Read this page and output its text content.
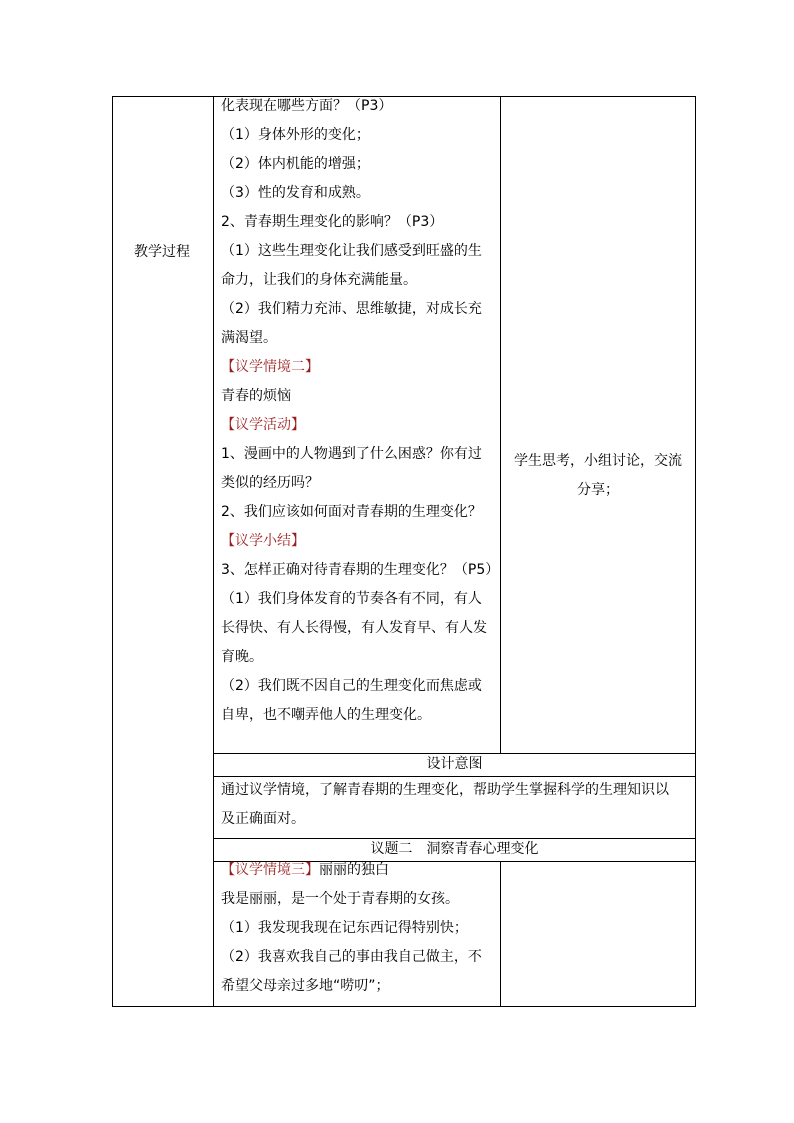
教学过程
化表现在哪些方面？（P3）
（1）身体外形的变化；
（2）体内机能的增强；
（3）性的发育和成熟。
2、青春期生理变化的影响？（P3）
（1）这些生理变化让我们感受到旺盛的生
命力，让我们的身体充满能量。
（2）我们精力充沛、思维敏捷，对成长充
满渴望。
【议学情境二】
青春的烦恼
【议学活动】
1、漫画中的人物遇到了什么困惑？你有过
类似的经历吗？
2、我们应该如何面对青春期的生理变化？
【议学小结】
3、怎样正确对待青春期的生理变化？（P5）
（1）我们身体发育的节奏各有不同，有人
长得快、有人长得慢，有人发育早、有人发
育晚。
（2）我们既不因自己的生理变化而焦虑或
自卑，也不嘲弄他人的生理变化。
学生思考，小组讨论，交流
分享；
设计意图
通过议学情境，了解青春期的生理变化，帮助学生掌握科学的生理知识以
及正确面对。
议题二　洞察青春心理变化
【议学情境三】丽丽的独白
我是丽丽，是一个处于青春期的女孩。
（1）我发现我现在记东西记得特别快；
（2）我喜欢我自己的事由我自己做主，不
希望父母亲过多地“唠叨”；
